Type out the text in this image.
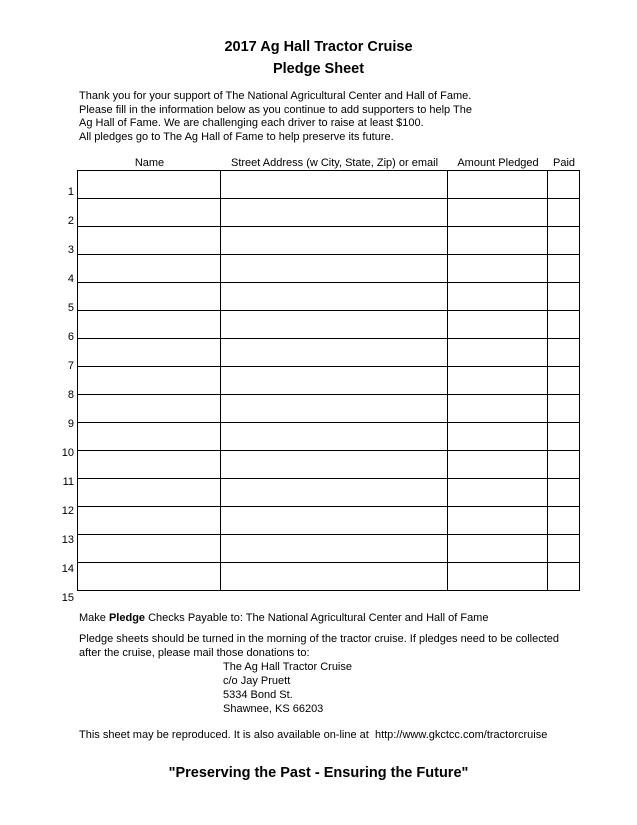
2017 Ag Hall Tractor Cruise
Pledge Sheet
Thank you for your support of The National Agricultural Center and Hall of Fame.
Please fill in the information below as you continue to add supporters to help The
Ag Hall of Fame. We are challenging each driver to raise at least $100.
All pledges go to The Ag Hall of Fame to help preserve its future.
Name	Street Address (w City, State, Zip) or email	Amount Pledged	Paid

1
2
3
4
5
6
7
8
9
10
11
12
13
14
15
Make Pledge Checks Payable to: The National Agricultural Center and Hall of Fame
Pledge sheets should be turned in the morning of the tractor cruise. If pledges need to be collected
after the cruise, please mail those donations to:
The Ag Hall Tractor Cruise
c/o Jay Pruett
5334 Bond St.
Shawnee, KS 66203
This sheet may be reproduced. It is also available on-line at http://www.gkctcc.com/tractorcruise
"Preserving the Past - Ensuring the Future"
